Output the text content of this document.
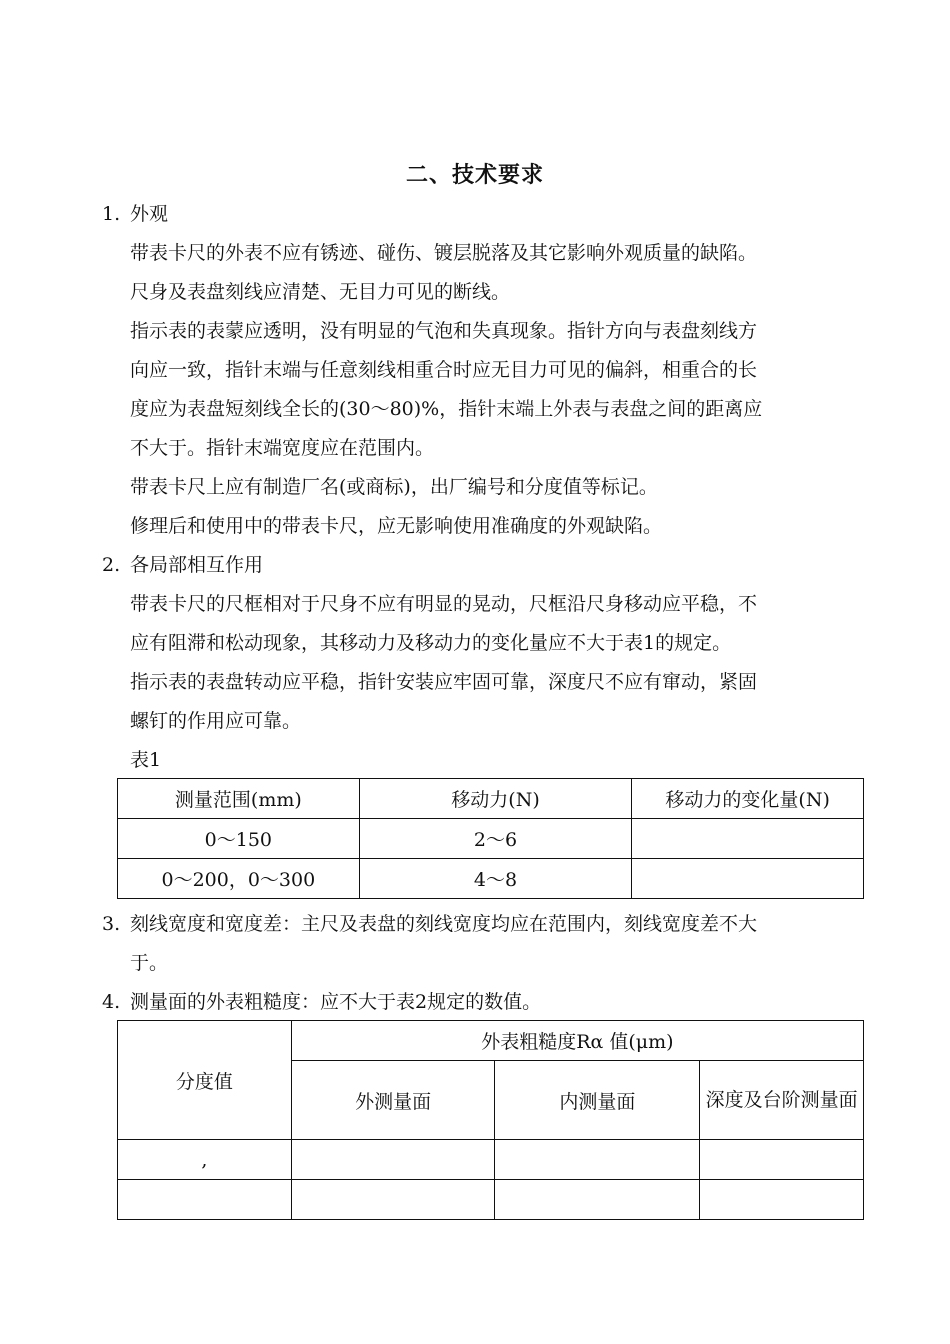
二、技术要求
1. 外观
带表卡尺的外表不应有锈迹、碰伤、镀层脱落及其它影响外观质量的缺陷。
尺身及表盘刻线应清楚、无目力可见的断线。
指示表的表蒙应透明，没有明显的气泡和失真现象。指针方向与表盘刻线方
向应一致，指针末端与任意刻线相重合时应无目力可见的偏斜，相重合的长
度应为表盘短刻线全长的(30～80)%，指针末端上外表与表盘之间的距离应
不大于。指针末端宽度应在范围内。
带表卡尺上应有制造厂名(或商标)，出厂编号和分度值等标记。
修理后和使用中的带表卡尺，应无影响使用准确度的外观缺陷。
2. 各局部相互作用
带表卡尺的尺框相对于尺身不应有明显的晃动，尺框沿尺身移动应平稳，不
应有阻滞和松动现象，其移动力及移动力的变化量应不大于表1的规定。
指示表的表盘转动应平稳，指针安装应牢固可靠，深度尺不应有窜动，紧固
螺钉的作用应可靠。
表1
测量范围(mm)	移动力(N)	移动力的变化量(N)
0～150	2～6	
0～200，0～300	4～8	
3. 刻线宽度和宽度差：主尺及表盘的刻线宽度均应在范围内，刻线宽度差不大
于。
4. 测量面的外表粗糙度：应不大于表2规定的数值。
分度值	外表粗糙度Rα 值(μm)		
	外测量面	内测量面	深度及台阶测量面
,			
